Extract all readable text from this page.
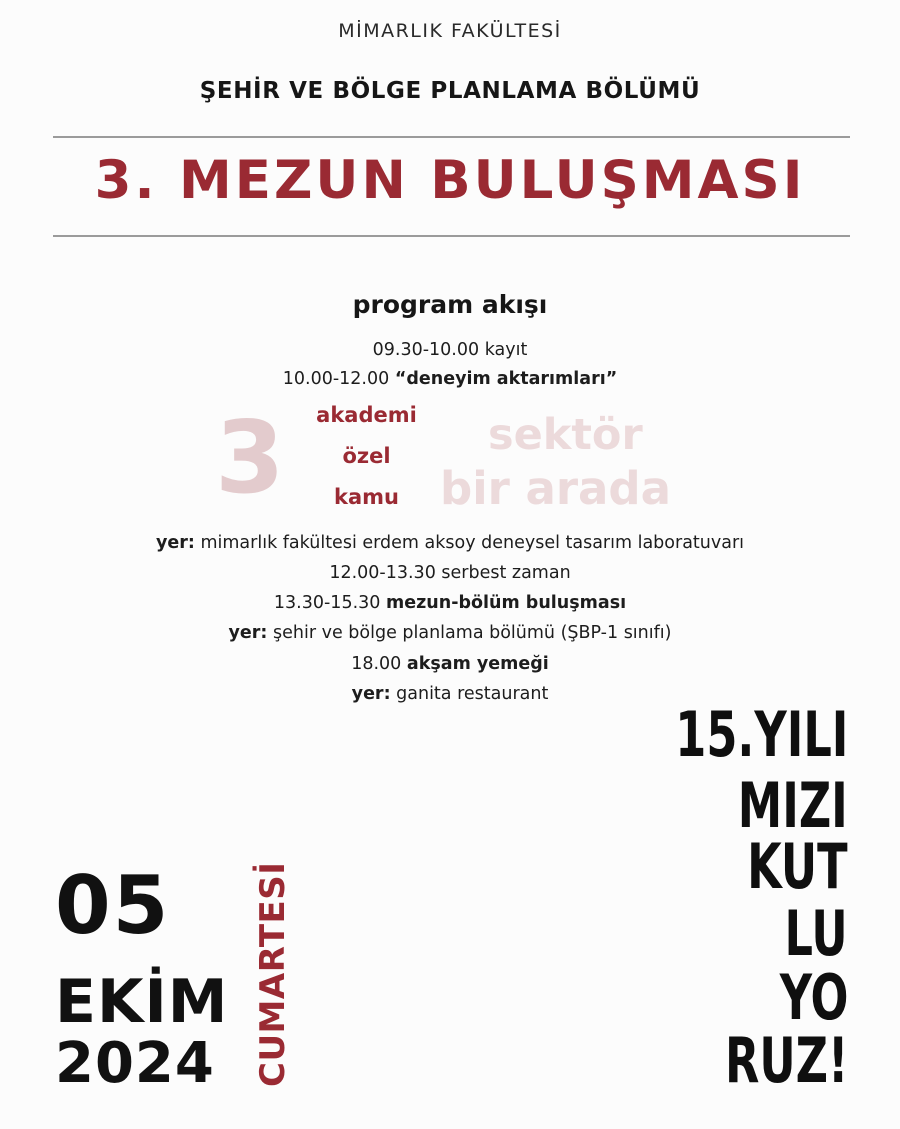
MİMARLIK FAKÜLTESİ
ŞEHİR VE BÖLGE PLANLAMA BÖLÜMÜ
3. MEZUN BULUŞMASI
program akışı
09.30-10.00 kayıt
10.00-12.00 “deneyim aktarımları”
3	akademi
özel
kamu
sektör
bir arada
yer: mimarlık fakültesi erdem aksoy deneysel tasarım laboratuvarı
12.00-13.30 serbest zaman
13.30-15.30 mezun-bölüm buluşması
yer: şehir ve bölge planlama bölümü (ŞBP-1 sınıfı)
18.00 akşam yemeği
yer: ganita restaurant
05
EKİM
2024 CUMARTESİ
15.YILI
MIZI
KUT
LU
YO
RUZ!
